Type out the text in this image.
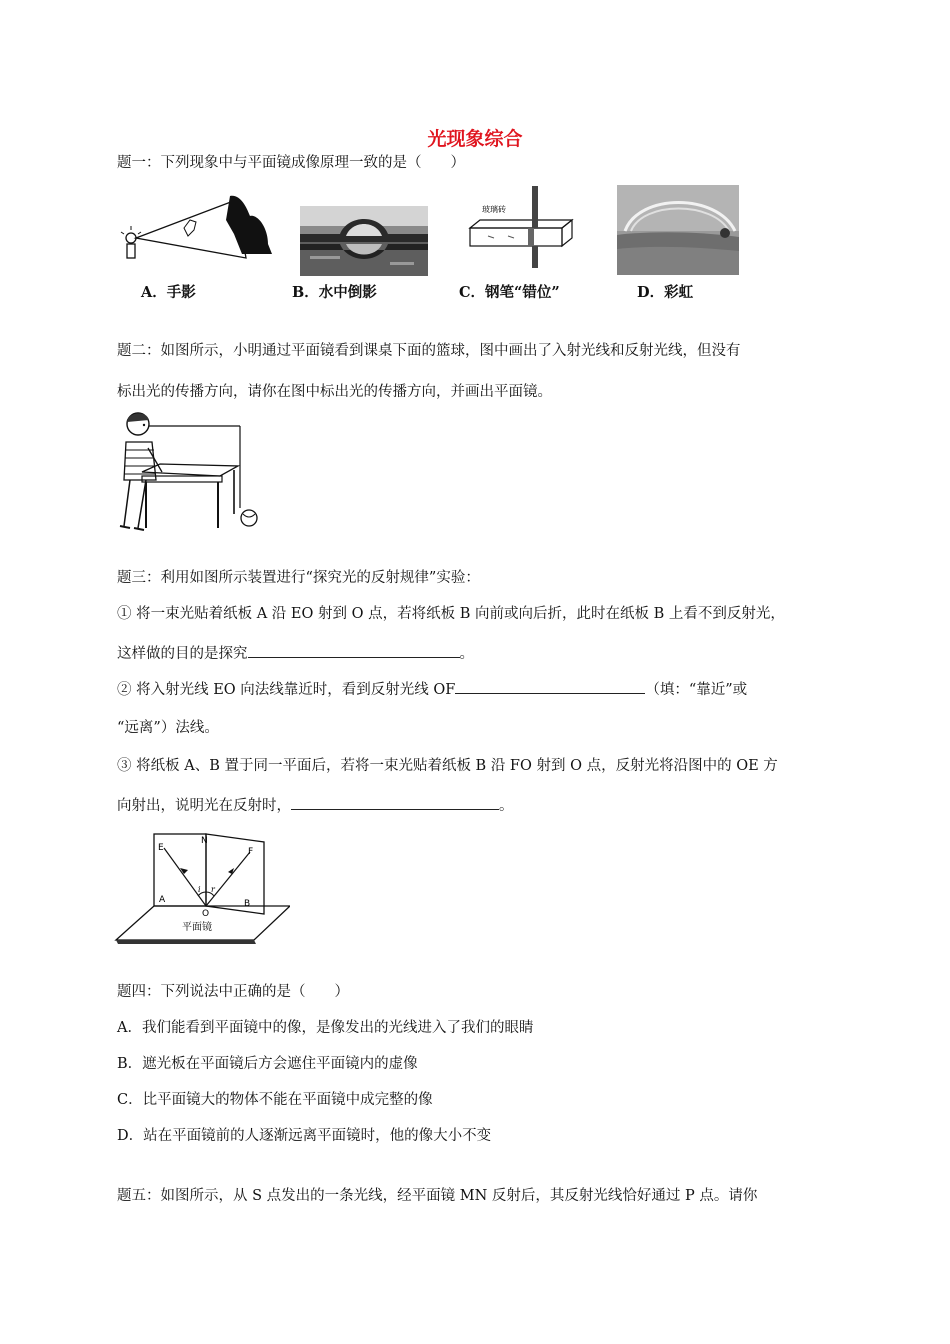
光现象综合
题一：下列现象中与平面镜成像原理一致的是（　　）
A．手影	B．水中倒影
玻璃砖
C．钢笔“错位”	D．彩虹
题二：如图所示，小明通过平面镜看到课桌下面的篮球，图中画出了入射光线和反射光线，但没有
标出光的传播方向，请你在图中标出光的传播方向，并画出平面镜。
题三：利用如图所示装置进行“探究光的反射规律”实验：
① 将一束光贴着纸板 A 沿 EO 射到 O 点，若将纸板 B 向前或向后折，此时在纸板 B 上看不到反射光，
这样做的目的是探究	。
② 将入射光线 EO 向法线靠近时，看到反射光线 OF	（填：“靠近”或
“远离”）法线。
③ 将纸板 A、B 置于同一平面后，若将一束光贴着纸板 B 沿 FO 射到 O 点，反射光将沿图中的 OE 方
向射出，说明光在反射时，	。
E
N
F
A	B
O
i r
平面镜
题四：下列说法中正确的是（　　）
A．我们能看到平面镜中的像，是像发出的光线进入了我们的眼睛
B．遮光板在平面镜后方会遮住平面镜内的虚像
C．比平面镜大的物体不能在平面镜中成完整的像
D．站在平面镜前的人逐渐远离平面镜时，他的像大小不变
题五：如图所示，从 S 点发出的一条光线，经平面镜 MN 反射后，其反射光线恰好通过 P 点。请你
